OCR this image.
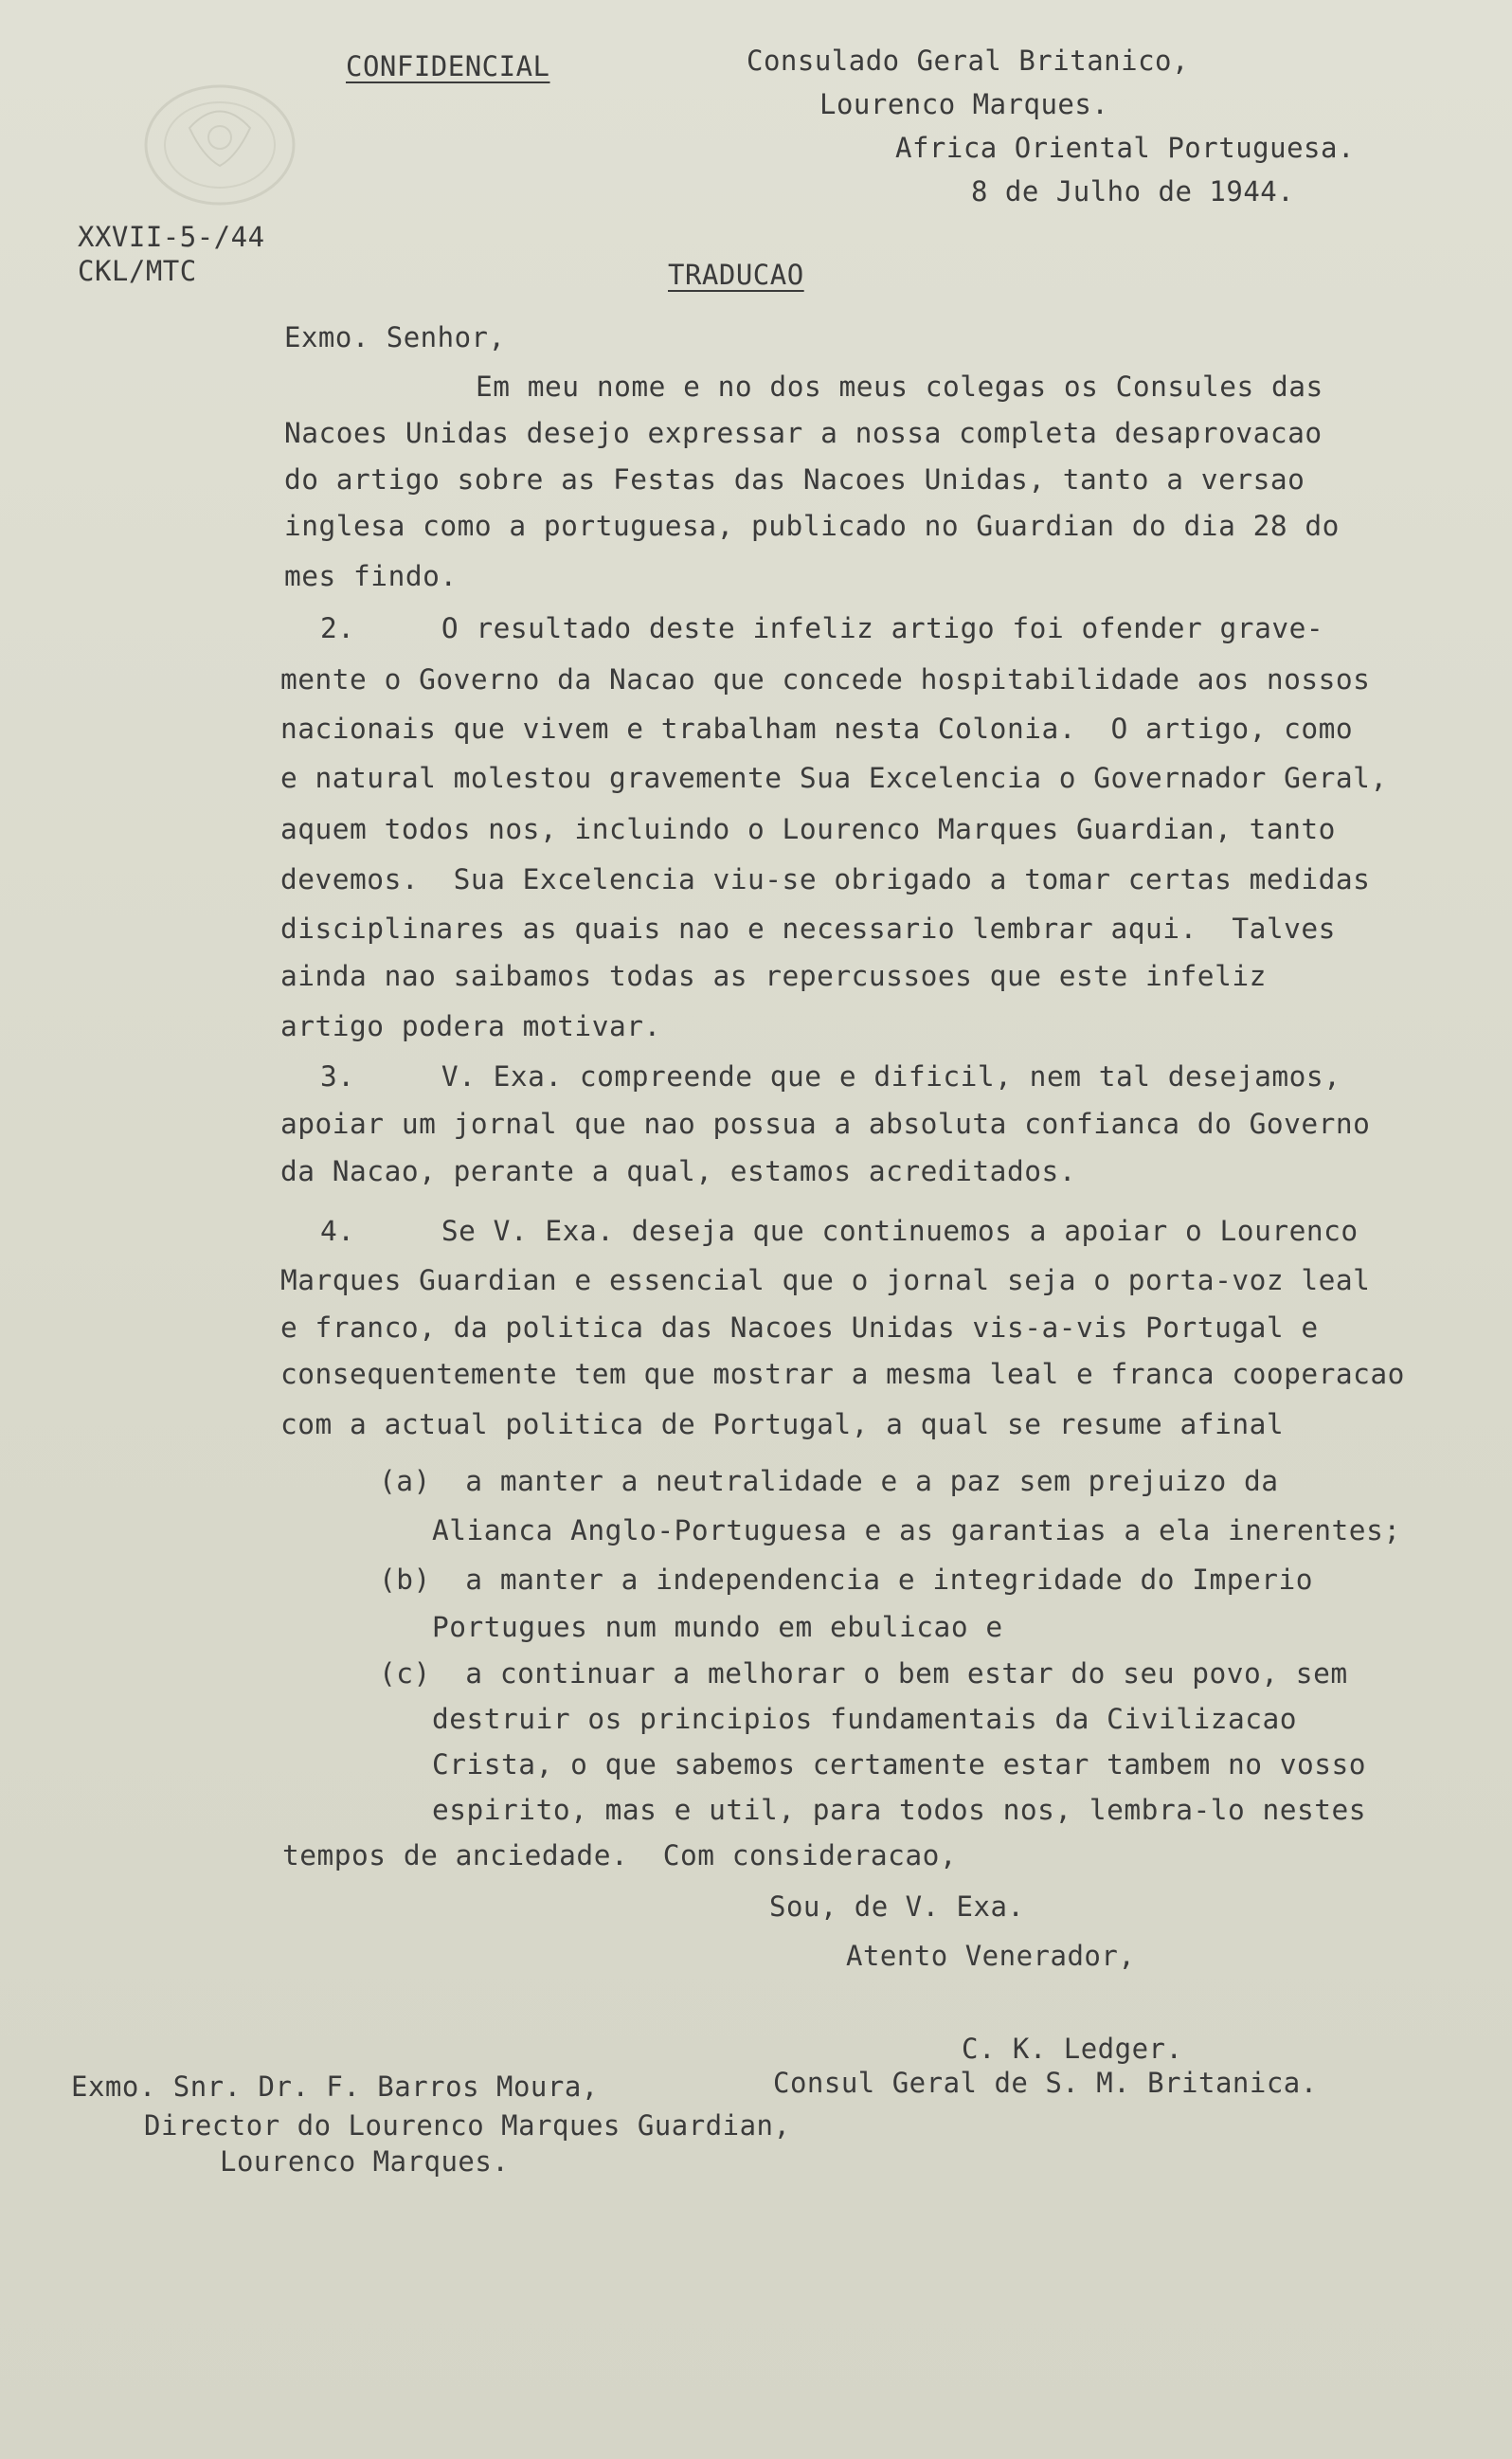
CONFIDENCIAL	Consulado Geral Britanico,
Lourenco Marques.
Africa Oriental Portuguesa.
8 de Julho de 1944.
XXVII-5-/44
CKL/MTC	TRADUCAO
Exmo. Senhor,
Em meu nome e no dos meus colegas os Consules das
Nacoes Unidas desejo expressar a nossa completa desaprovacao
do artigo sobre as Festas das Nacoes Unidas, tanto a versao
inglesa como a portuguesa, publicado no Guardian do dia 28 do
mes findo.
2.     O resultado deste infeliz artigo foi ofender grave-
mente o Governo da Nacao que concede hospitabilidade aos nossos
nacionais que vivem e trabalham nesta Colonia.  O artigo, como
e natural molestou gravemente Sua Excelencia o Governador Geral,
aquem todos nos, incluindo o Lourenco Marques Guardian, tanto
devemos.  Sua Excelencia viu-se obrigado a tomar certas medidas
disciplinares as quais nao e necessario lembrar aqui.  Talves
ainda nao saibamos todas as repercussoes que este infeliz
artigo podera motivar.
3.     V. Exa. compreende que e dificil, nem tal desejamos,
apoiar um jornal que nao possua a absoluta confianca do Governo
da Nacao, perante a qual, estamos acreditados.
4.     Se V. Exa. deseja que continuemos a apoiar o Lourenco
Marques Guardian e essencial que o jornal seja o porta-voz leal
e franco, da politica das Nacoes Unidas vis-a-vis Portugal e
consequentemente tem que mostrar a mesma leal e franca cooperacao
com a actual politica de Portugal, a qual se resume afinal
(a)  a manter a neutralidade e a paz sem prejuizo da
Alianca Anglo-Portuguesa e as garantias a ela inerentes;
(b)  a manter a independencia e integridade do Imperio
Portugues num mundo em ebulicao e
(c)  a continuar a melhorar o bem estar do seu povo, sem
destruir os principios fundamentais da Civilizacao
Crista, o que sabemos certamente estar tambem no vosso
espirito, mas e util, para todos nos, lembra-lo nestes
tempos de anciedade.  Com consideracao,
Sou, de V. Exa.
Atento Venerador,
C. K. Ledger.
Consul Geral de S. M. Britanica.
Exmo. Snr. Dr. F. Barros Moura,
Director do Lourenco Marques Guardian,
Lourenco Marques.
